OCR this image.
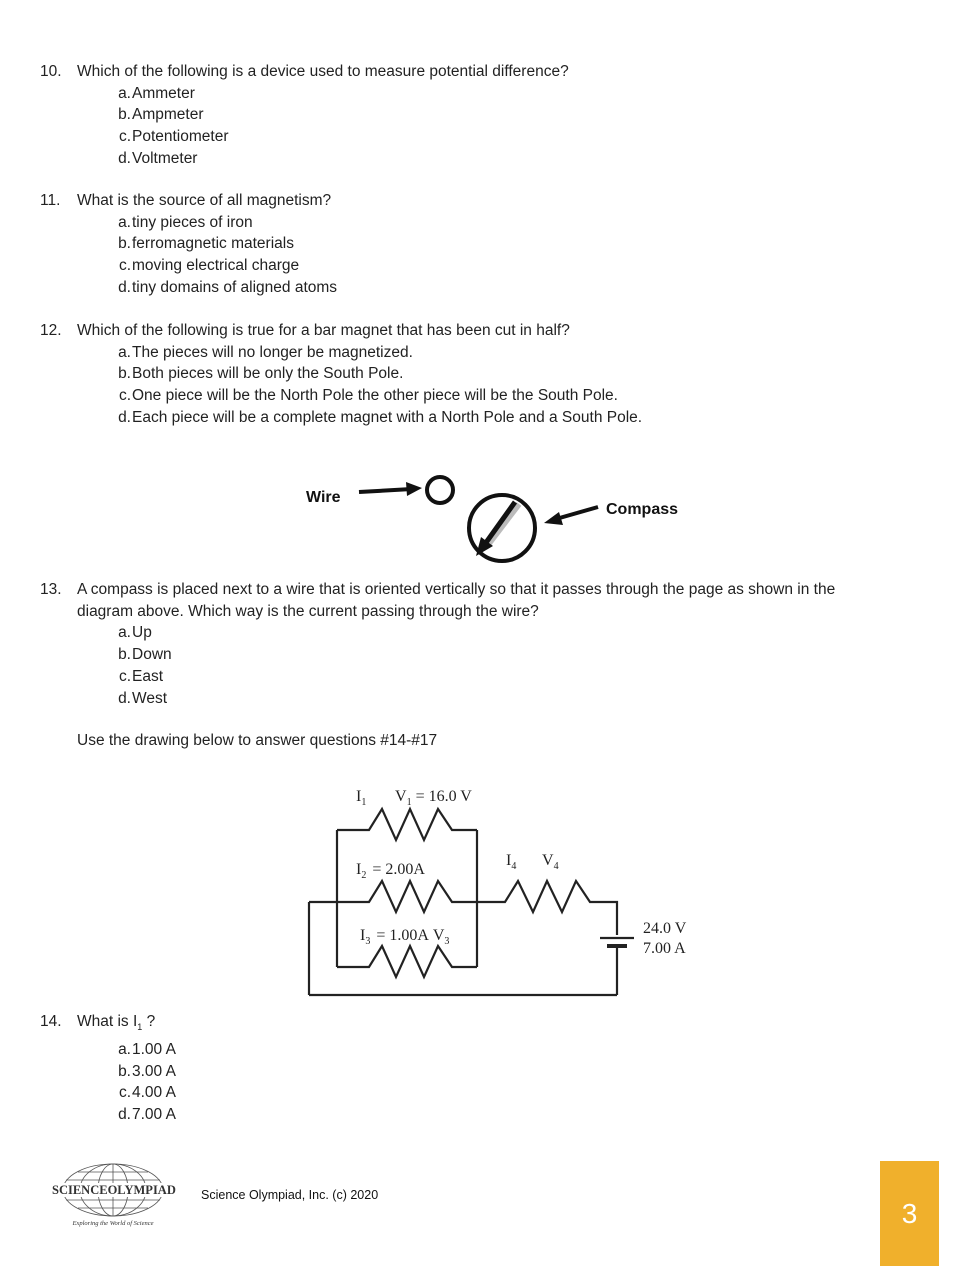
10. Which of the following is a device used to measure potential difference?
a. Ammeter
b. Ampmeter
c. Potentiometer
d. Voltmeter
11.	What is the source of all magnetism?
a. tiny pieces of iron
b. ferromagnetic materials
c. moving electrical charge
d. tiny domains of aligned atoms
12. Which of the following is true for a bar magnet that has been cut in half?
a. The pieces will no longer be magnetized.
b. Both pieces will be only the South Pole.
c. One piece will be the North Pole the other piece will be the South Pole.
d. Each piece will be a complete magnet with a North Pole and a South Pole.
Wire
Compass
13. A compass is placed next to a wire that is oriented vertically so that it passes through the page as shown in the
diagram above. Which way is the current passing through the wire?
a. Up
b. Down
c. East
d. West
Use the drawing below to answer questions #14-#17
$I_1$ $V_1 = 16.0$ V
$I_2 = 2.00A$
$I_3 = 1.00A$ $V_3$
$I_4$ $V_4$
24.0 V
7.00 A
14. What is $I_1$ ?
a. 1.00 A
b. 3.00 A
c. 4.00 A
d. 7.00 A
SCIENCEOLYMPIAD
Exploring the World of Science
Science Olympiad, Inc. (c) 2020
3
